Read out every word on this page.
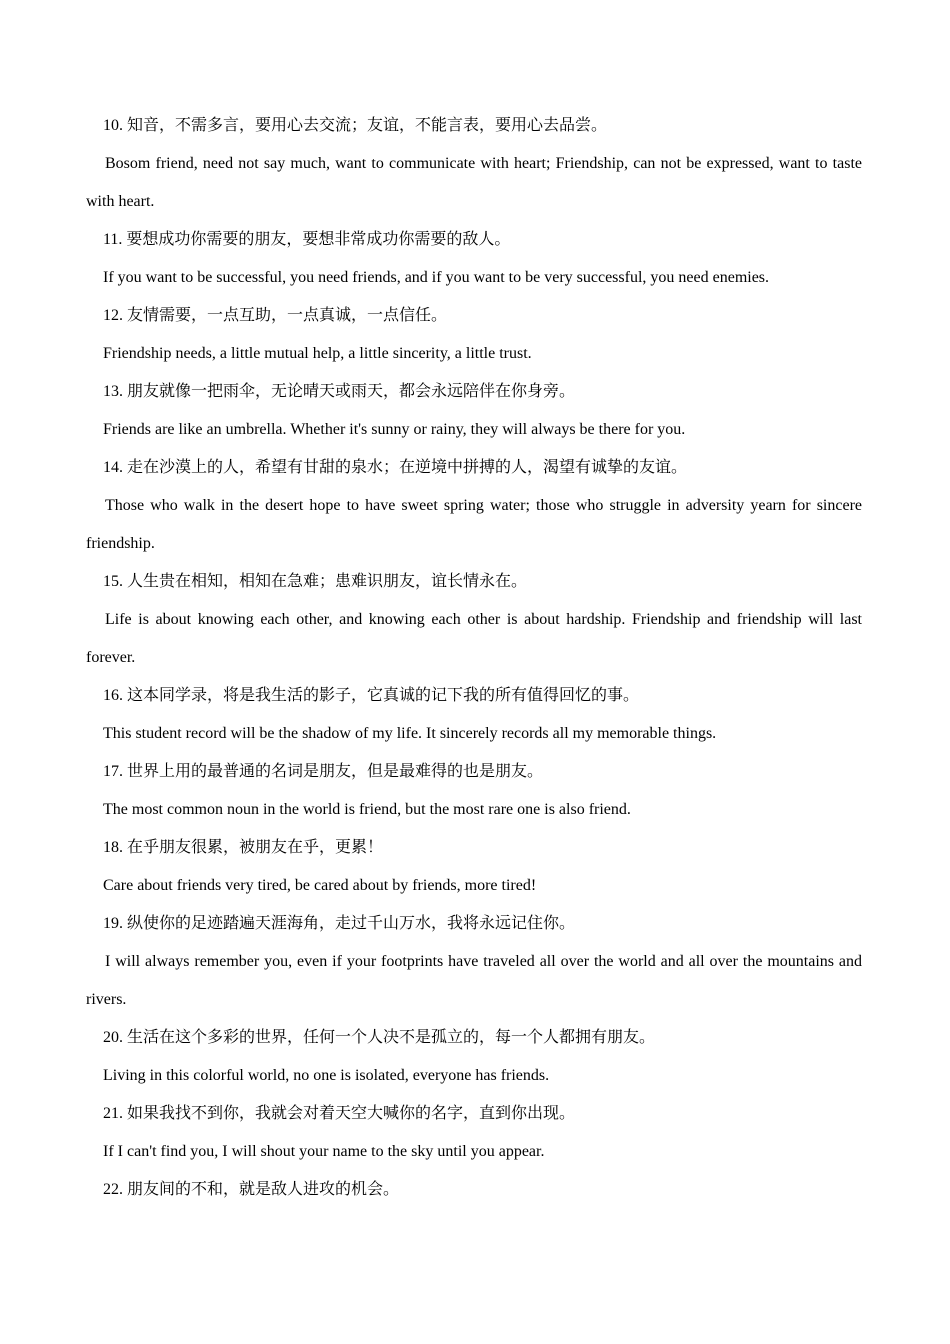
10. 知音，不需多言，要用心去交流；友谊，不能言表，要用心去品尝。

Bosom friend, need not say much, want to communicate with heart; Friendship, can not be expressed, want to taste with heart.

11. 要想成功你需要的朋友，要想非常成功你需要的敌人。

If you want to be successful, you need friends, and if you want to be very successful, you need enemies.

12. 友情需要，一点互助，一点真诚，一点信任。

Friendship needs, a little mutual help, a little sincerity, a little trust.

13. 朋友就像一把雨伞，无论晴天或雨天，都会永远陪伴在你身旁。

Friends are like an umbrella. Whether it's sunny or rainy, they will always be there for you.

14. 走在沙漠上的人，希望有甘甜的泉水；在逆境中拼搏的人，渴望有诚挚的友谊。

Those who walk in the desert hope to have sweet spring water; those who struggle in adversity yearn for sincere friendship.

15. 人生贵在相知，相知在急难；患难识朋友，谊长情永在。

Life is about knowing each other, and knowing each other is about hardship. Friendship and friendship will last forever.

16. 这本同学录，将是我生活的影子，它真诚的记下我的所有值得回忆的事。

This student record will be the shadow of my life. It sincerely records all my memorable things.

17. 世界上用的最普通的名词是朋友，但是最难得的也是朋友。

The most common noun in the world is friend, but the most rare one is also friend.

18. 在乎朋友很累，被朋友在乎，更累！

Care about friends very tired, be cared about by friends, more tired!

19. 纵使你的足迹踏遍天涯海角，走过千山万水，我将永远记住你。

I will always remember you, even if your footprints have traveled all over the world and all over the mountains and rivers.

20. 生活在这个多彩的世界，任何一个人决不是孤立的，每一个人都拥有朋友。

Living in this colorful world, no one is isolated, everyone has friends.

21. 如果我找不到你，我就会对着天空大喊你的名字，直到你出现。

If I can't find you, I will shout your name to the sky until you appear.

22. 朋友间的不和，就是敌人进攻的机会。
